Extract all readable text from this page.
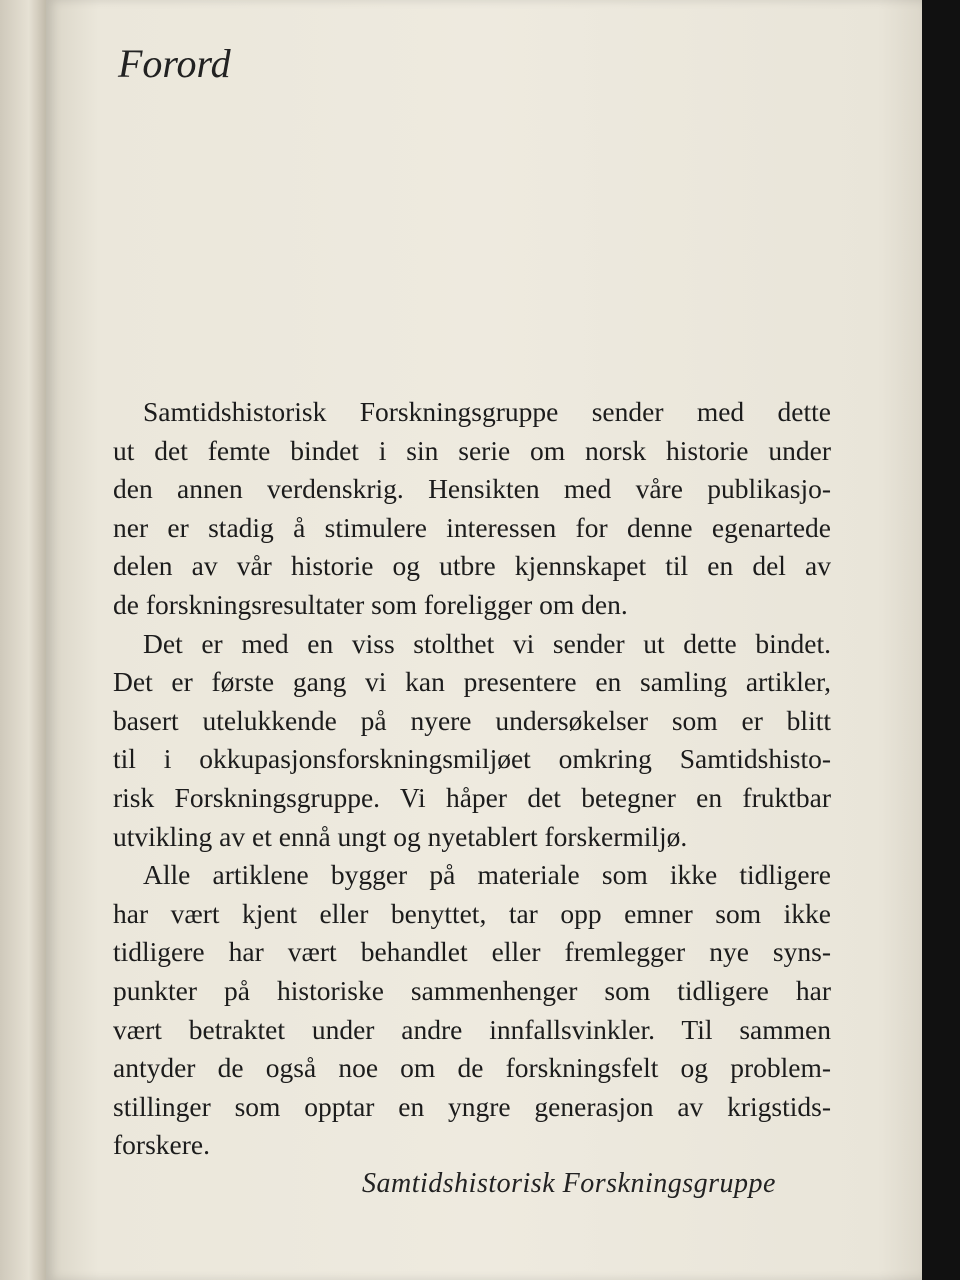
Forord
Samtidshistorisk Forskningsgruppe sender med dette
ut det femte bindet i sin serie om norsk historie under
den annen verdenskrig. Hensikten med våre publikasjo-
ner er stadig å stimulere interessen for denne egenartede
delen av vår historie og utbre kjennskapet til en del av
de forskningsresultater som foreligger om den.
Det er med en viss stolthet vi sender ut dette bindet.
Det er første gang vi kan presentere en samling artikler,
basert utelukkende på nyere undersøkelser som er blitt
til i okkupasjonsforskningsmiljøet omkring Samtidshisto-
risk Forskningsgruppe. Vi håper det betegner en fruktbar
utvikling av et ennå ungt og nyetablert forskermiljø.
Alle artiklene bygger på materiale som ikke tidligere
har vært kjent eller benyttet, tar opp emner som ikke
tidligere har vært behandlet eller fremlegger nye syns-
punkter på historiske sammenhenger som tidligere har
vært betraktet under andre innfallsvinkler. Til sammen
antyder de også noe om de forskningsfelt og problem-
stillinger som opptar en yngre generasjon av krigstids-
forskere.
Samtidshistorisk Forskningsgruppe
